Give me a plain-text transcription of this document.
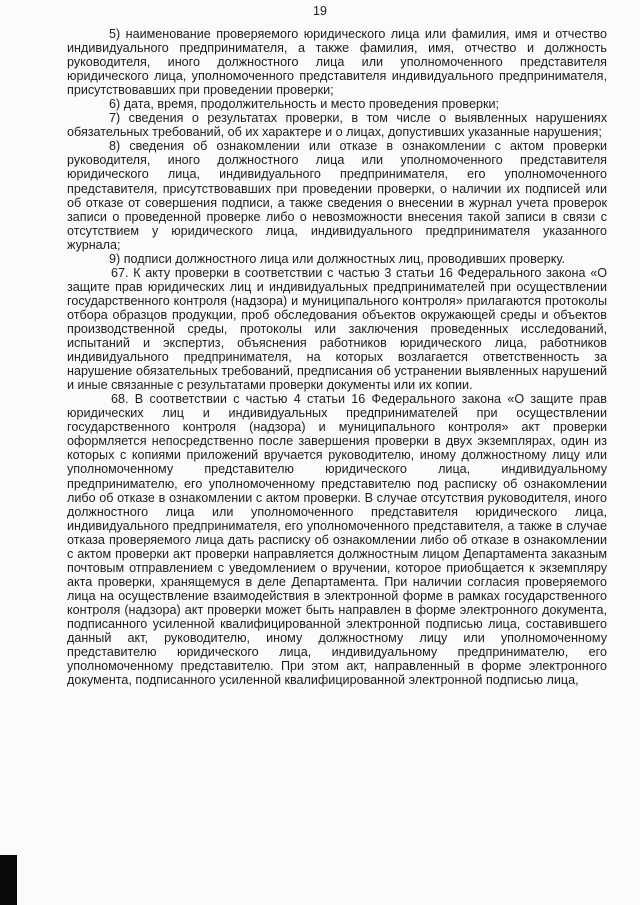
19

5) наименование проверяемого юридического лица или фамилия, имя и отчество индивидуального предпринимателя, а также фамилия, имя, отчество и должность руководителя, иного должностного лица или уполномоченного представителя юридического лица, уполномоченного представителя индивидуального предпринимателя, присутствовавших при проведении проверки;

6) дата, время, продолжительность и место проведения проверки;

7) сведения о результатах проверки, в том числе о выявленных нарушениях обязательных требований, об их характере и о лицах, допустивших указанные нарушения;

8) сведения об ознакомлении или отказе в ознакомлении с актом проверки руководителя, иного должностного лица или уполномоченного представителя юридического лица, индивидуального предпринимателя, его уполномоченного представителя, присутствовавших при проведении проверки, о наличии их подписей или об отказе от совершения подписи, а также сведения о внесении в журнал учета проверок записи о проведенной проверке либо о невозможности внесения такой записи в связи с отсутствием у юридического лица, индивидуального предпринимателя указанного журнала;

9) подписи должностного лица или должностных лиц, проводивших проверку.

67. К акту проверки в соответствии с частью 3 статьи 16 Федерального закона «О защите прав юридических лиц и индивидуальных предпринимателей при осуществлении государственного контроля (надзора) и муниципального контроля» прилагаются протоколы отбора образцов продукции, проб обследования объектов окружающей среды и объектов производственной среды, протоколы или заключения проведенных исследований, испытаний и экспертиз, объяснения работников юридического лица, работников индивидуального предпринимателя, на которых возлагается ответственность за нарушение обязательных требований, предписания об устранении выявленных нарушений и иные связанные с результатами проверки документы или их копии.

68. В соответствии с частью 4 статьи 16 Федерального закона «О защите прав юридических лиц и индивидуальных предпринимателей при осуществлении государственного контроля (надзора) и муниципального контроля» акт проверки оформляется непосредственно после завершения проверки в двух экземплярах, один из которых с копиями приложений вручается руководителю, иному должностному лицу или уполномоченному представителю юридического лица, индивидуальному предпринимателю, его уполномоченному представителю под расписку об ознакомлении либо об отказе в ознакомлении с актом проверки. В случае отсутствия руководителя, иного должностного лица или уполномоченного представителя юридического лица, индивидуального предпринимателя, его уполномоченного представителя, а также в случае отказа проверяемого лица дать расписку об ознакомлении либо об отказе в ознакомлении с актом проверки акт проверки направляется должностным лицом Департамента заказным почтовым отправлением с уведомлением о вручении, которое приобщается к экземпляру акта проверки, хранящемуся в деле Департамента. При наличии согласия проверяемого лица на осуществление взаимодействия в электронной форме в рамках государственного контроля (надзора) акт проверки может быть направлен в форме электронного документа, подписанного усиленной квалифицированной электронной подписью лица, составившего данный акт, руководителю, иному должностному лицу или уполномоченному представителю юридического лица, индивидуальному предпринимателю, его уполномоченному представителю. При этом акт, направленный в форме электронного документа, подписанного усиленной квалифицированной электронной подписью лица,
